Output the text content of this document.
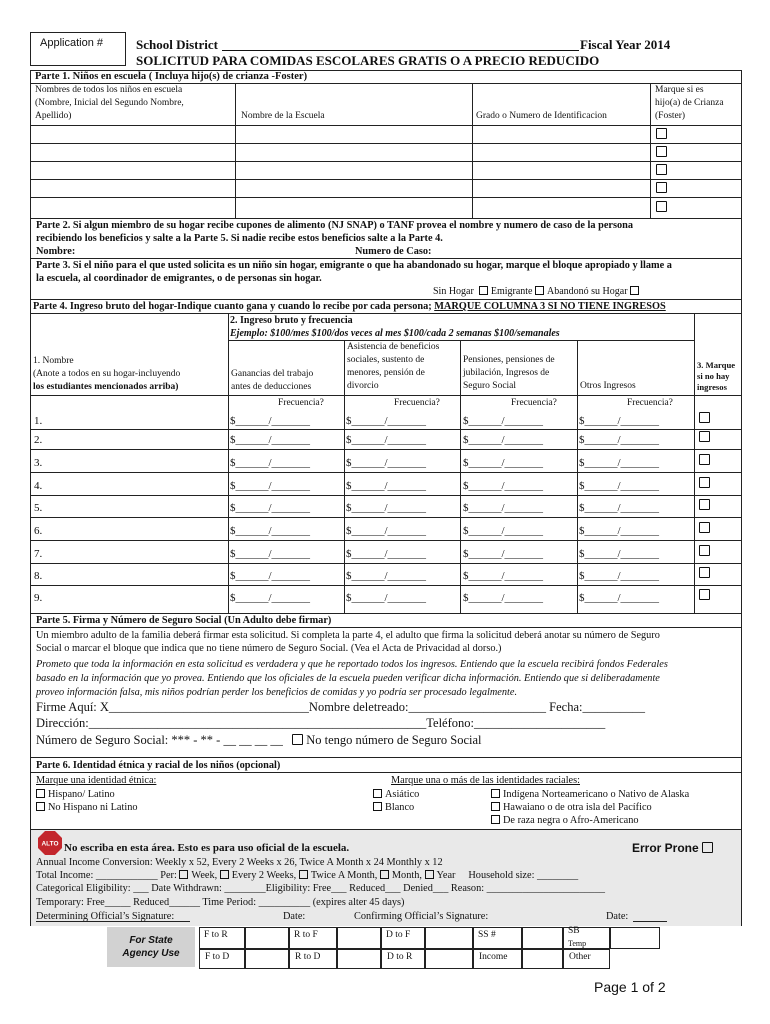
Application #	School District	Fiscal Year 2014
SOLICITUD PARA COMIDAS ESCOLARES GRATIS O A PRECIO REDUCIDO
Parte 1. Niños en escuela ( Incluya hijo(s) de crianza -Foster)
Nombres de todos los niños en escuela
(Nombre, Inicial del Segundo Nombre,
Apellido)	Nombre de la Escuela	Grado o Numero de Identificacion
Marque si es
hijo(a) de Crianza
(Foster)
Parte 2. Si algun miembro de su hogar recibe cupones de alimento (NJ SNAP) o TANF provea el nombre y numero de caso de la persona
recibiendo los beneficios y salte a la Parte 5. Si nadie recibe estos beneficios salte a la Parte 4.
Nombre:	Numero de Caso:
Parte 3. Si el niño para el que usted solicita es un niño sin hogar, emigrante o que ha abandonado su hogar, marque el bloque apropiado y llame a
la escuela, al coordinador de emigrantes, o de personas sin hogar.
Sin Hogar Emigrante Abandonó su Hogar
Parte 4. Ingreso bruto del hogar-Indique cuanto gana y cuando lo recibe por cada persona; MARQUE COLUMNA 3 SI NO TIENE INGRESOS
2. Ingreso bruto y frecuencia
Ejemplo: $100/mes $100/dos veces al mes $100/cada 2 semanas $100/semanales
1. Nombre
(Anote a todos en su hogar-incluyendo
los estudiantes mencionados arriba)
Ganancias del trabajo
antes de deducciones
Asistencia de beneficios
sociales, sustento de
menores, pensión de
divorcio
Pensiones, pensiones de
jubilación, Ingresos de
Seguro Social	Otros Ingresos
3. Marque
si no hay
ingresos
Frecuencia?	Frecuencia?	Frecuencia?	Frecuencia?
1.	$______/_______	$______/_______	$______/_______	$______/_______
2.	$______/_______	$______/_______	$______/_______	$______/_______
3.	$______/_______	$______/_______	$______/_______	$______/_______
4.	$______/_______	$______/_______	$______/_______	$______/_______
5.	$______/_______	$______/_______	$______/_______	$______/_______
6.	$______/_______	$______/_______	$______/_______	$______/_______
7.	$______/_______	$______/_______	$______/_______	$______/_______
8.	$______/_______	$______/_______	$______/_______	$______/_______
9.	$______/_______	$______/_______	$______/_______	$______/_______
Parte 5. Firma y Número de Seguro Social (Un Adulto debe firmar)
Un miembro adulto de la familia deberá firmar esta solicitud. Si completa la parte 4, el adulto que firma la solicitud deberá anotar su número de Seguro
Social o marcar el bloque que indica que no tiene número de Seguro Social. (Vea el Acta de Privacidad al dorso.)
Prometo que toda la información en esta solicitud es verdadera y que he reportado todos los ingresos. Entiendo que la escuela recibirá fondos Federales
basado en la información que yo provea. Entiendo que los oficiales de la escuela pueden verificar dicha información. Entiendo que si deliberadamente
proveo información falsa, mis niños podrían perder los beneficios de comidas y yo podría ser procesado legalmente.
Firme Aquí: X________________________________Nombre deletreado:______________________ Fecha:__________
Dirección:______________________________________________________Teléfono:_____________________
Número de Seguro Social: *** - ** - __ __ __ __ No tengo número de Seguro Social
Parte 6. Identidad étnica y racial de los niños (opcional)
Marque una identidad étnica:
Hispano/ Latino
No Hispano ni Latino
Marque una o más de las identidades raciales:
Asiático
Blanco
Indígena Norteamericano o Nativo de Alaska
Hawaiano o de otra isla del Pacífico
De raza negra o Afro-Americano
ALTO No escriba en esta área. Esto es para uso oficial de la escuela.	Error Prone
Annual Income Conversion: Weekly x 52, Every 2 Weeks x 26, Twice A Month x 24 Monthly x 12
Total Income: ____________ Per: Week, Every 2 Weeks, Twice A Month, Month, Year Household size: ________
Categorical Eligibility: ___ Date Withdrawn: ________Eligibility: Free___ Reduced___ Denied___ Reason: _______________________
Temporary: Free_____ Reduced______ Time Period: __________ (expires alter 45 days)
Determining Official’s Signature:	Date:	Confirming Official’s Signature:	Date:
For State
Agency Use
F to R	R to F	D to F	SS #	SB
Temp
F to D	R to D	D to R	Income	Other
Page 1 of 2
